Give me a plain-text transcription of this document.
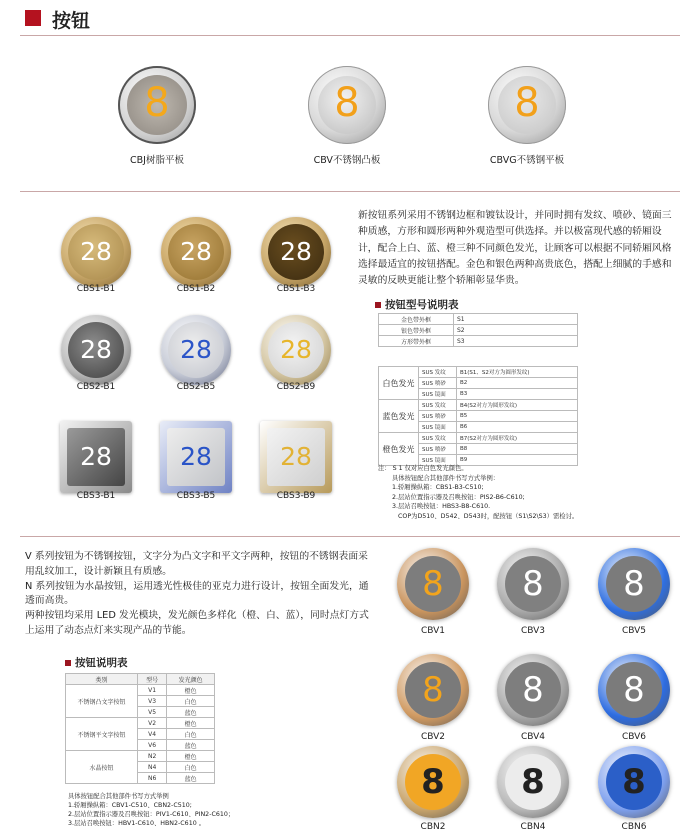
按钮
8
CBJ树脂平板
8
CBV不锈钢凸板
8
CBVG不锈钢平板
28
CBS1-B1
28
CBS1-B2
28
CBS1-B3
28
CBS2-B1
28
CBS2-B5
28
CBS2-B9
28
CBS3-B1
28
CBS3-B5
28
CBS3-B9
新按钮系列采用不锈钢边框和镀钛设计，并同时拥有发纹、喷砂、镜面三种质感，方形和圆形两种外观造型可供选择。并以极富现代感的轿厢设计，配合上白、蓝、橙三种不同颜色发光，让顾客可以根据不同轿厢风格选择最适宜的按钮搭配。金色和银色两种高贵底色，搭配上细腻的手感和灵敏的反映更能让整个轿厢彰显华贵。
按钮型号说明表
金色带外框	S1
银色带外框	S2
方形带外框	S3
白色发光	SUS 发纹	B1(S1、S2对方为圆形发纹)
	SUS 喷砂	B2
	SUS 镜面	B3
蓝色发光	SUS 发纹	B4(S2对方为圆形发纹)
	SUS 喷砂	B5
	SUS 镜面	B6
橙色发光	SUS 发纹	B7(S2对方为圆形发纹)
	SUS 喷砂	B8
	SUS 镜面	B9
注： S 1 仅对应白色发光颜色。
具体按钮配合其他部件书写方式举例：
1.轿厢操纵箱：CBS1-B3-C510;
2.层站位置指示器及召唤按钮：PIS2-B6-C610;
3.层站召唤按钮：HBS3-B8-C610.
COP为D510、D542、D543时，配按钮（S1\S2\S3）需检讨。
V 系列按钮为不锈钢按钮，文字分为凸文字和平文字两种，按钮的不锈钢表面采用乱纹加工，设计新颖且有质感。
N 系列按钮为水晶按钮，运用透光性极佳的亚克力进行设计，按钮全面发光，通透而高贵。
两种按钮均采用 LED 发光模块，发光颜色多样化（橙、白、蓝），同时点灯方式上运用了动态点灯来实现产品的节能。
按钮说明表
类别	型号	发光颜色
不锈钢凸文字按钮	V1	橙色
	V3	白色
	V5	蓝色
不锈钢平文字按钮	V2	橙色
	V4	白色
	V6	蓝色
水晶按钮	N2	橙色
	N4	白色
	N6	蓝色
具体按钮配合其他部件书写方式举例
1.轿厢操纵箱：CBV1-C510、CBN2-C510;
2.层站位置指示器及召唤按钮：PIV1-C610、PIN2-C610；
3.层站召唤按钮：HBV1-C610、HBN2-C610 。
8
CBV1
8
CBV3
8
CBV5
8
CBV2
8
CBV4
8
CBV6
8
CBN2
8
CBN4
8
CBN6
